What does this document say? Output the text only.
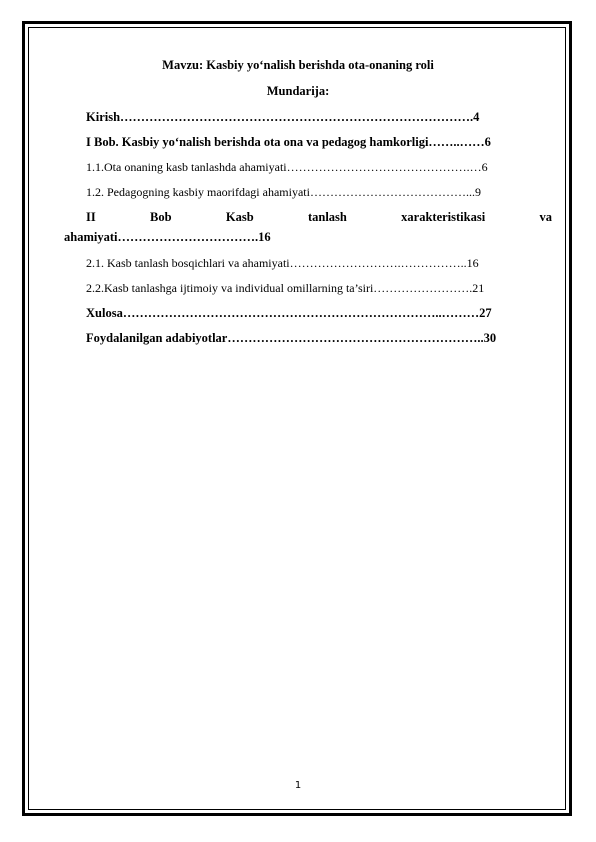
Mavzu: Kasbiy yo‘nalish berishda ota-onaning roli
Mundarija:
Kirish………………………………………………………………………….4
I Bob. Kasbiy yo‘nalish berishda ota ona va pedagog hamkorligi……..……6
1.1.Ota onaning kasb tanlashda ahamiyati……………………………………….…6
1.2. Pedagogning kasbiy maorifdagi ahamiyati…………………………………...9
II	Bob	Kasb	tanlash	xarakteristikasi	va
ahamiyati…………………………….16
2.1. Kasb tanlash bosqichlari va ahamiyati……………………….……………..16
2.2.Kasb tanlashga ijtimoiy va individual omillarning ta’siri…………………….21
Xulosa…………………………………………………………………..………27
Foydalanilgan adabiyotlar……………………………………………………..30
1
